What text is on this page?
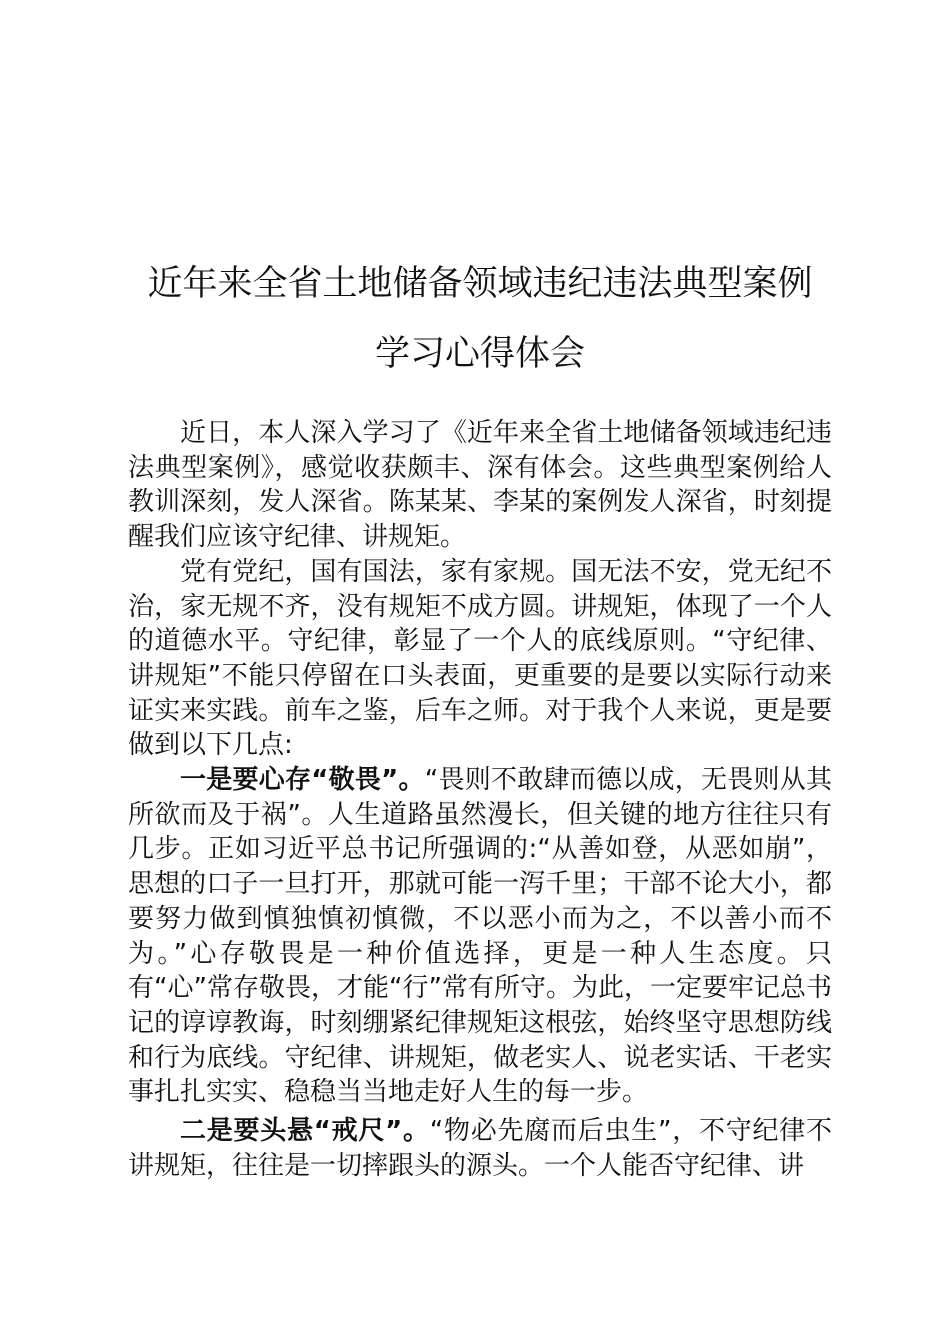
近年来全省土地储备领域违纪违法典型案例
学习心得体会

近日，本人深入学习了《近年来全省土地储备领域违纪违法典型案例》，感觉收获颇丰、深有体会。这些典型案例给人教训深刻，发人深省。陈某某、李某的案例发人深省，时刻提醒我们应该守纪律、讲规矩。

党有党纪，国有国法，家有家规。国无法不安，党无纪不治，家无规不齐，没有规矩不成方圆。讲规矩，体现了一个人的道德水平。守纪律，彰显了一个人的底线原则。“守纪律、讲规矩”不能只停留在口头表面，更重要的是要以实际行动来证实来实践。前车之鉴，后车之师。对于我个人来说，更是要做到以下几点:

一是要心存“敬畏”。“畏则不敢肆而德以成，无畏则从其所欲而及于祸”。人生道路虽然漫长，但关键的地方往往只有几步。正如习近平总书记所强调的:“从善如登，从恶如崩”，思想的口子一旦打开，那就可能一泻千里；干部不论大小，都要努力做到慎独慎初慎微，不以恶小而为之，不以善小而不为。”心存敬畏是一种价值选择，更是一种人生态度。只有“心”常存敬畏，才能“行”常有所守。为此，一定要牢记总书记的谆谆教诲，时刻绷紧纪律规矩这根弦，始终坚守思想防线和行为底线。守纪律、讲规矩，做老实人、说老实话、干老实事扎扎实实、稳稳当当地走好人生的每一步。

二是要头悬“戒尺”。“物必先腐而后虫生”，不守纪律不讲规矩，往往是一切摔跟头的源头。一个人能否守纪律、讲
